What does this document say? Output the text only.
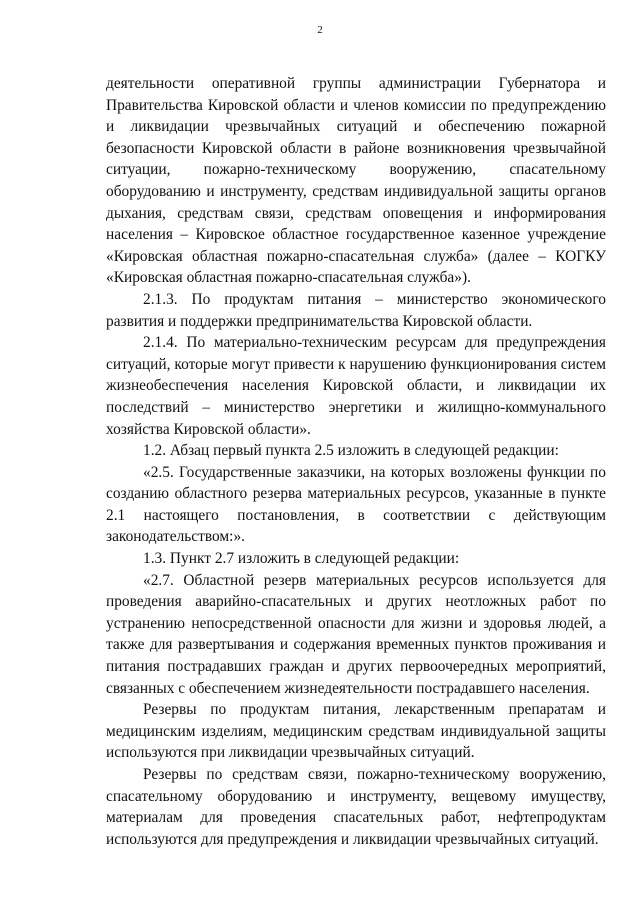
2

деятельности оперативной группы администрации Губернатора и Правительства Кировской области и членов комиссии по предупреждению и ликвидации чрезвычайных ситуаций и обеспечению пожарной безопасности Кировской области в районе возникновения чрезвычайной ситуации, пожарно-техническому вооружению, спасательному оборудованию и инструменту, средствам индивидуальной защиты органов дыхания, средствам связи, средствам оповещения и информирования населения – Кировское областное государственное казенное учреждение «Кировская областная пожарно-спасательная служба» (далее – КОГКУ «Кировская областная пожарно-спасательная служба»).

2.1.3. По продуктам питания – министерство экономического развития и поддержки предпринимательства Кировской области.

2.1.4. По материально-техническим ресурсам для предупреждения ситуаций, которые могут привести к нарушению функционирования систем жизнеобеспечения населения Кировской области, и ликвидации их последствий – министерство энергетики и жилищно-коммунального хозяйства Кировской области».

1.2. Абзац первый пункта 2.5 изложить в следующей редакции:

«2.5. Государственные заказчики, на которых возложены функции по созданию областного резерва материальных ресурсов, указанные в пункте 2.1 настоящего постановления, в соответствии с действующим законодательством:».

1.3. Пункт 2.7 изложить в следующей редакции:

«2.7. Областной резерв материальных ресурсов используется для проведения аварийно-спасательных и других неотложных работ по устранению непосредственной опасности для жизни и здоровья людей, а также для развертывания и содержания временных пунктов проживания и питания пострадавших граждан и других первоочередных мероприятий, связанных с обеспечением жизнедеятельности пострадавшего населения.

Резервы по продуктам питания, лекарственным препаратам и медицинским изделиям, медицинским средствам индивидуальной защиты используются при ликвидации чрезвычайных ситуаций.

Резервы по средствам связи, пожарно-техническому вооружению, спасательному оборудованию и инструменту, вещевому имуществу, материалам для проведения спасательных работ, нефтепродуктам используются для предупреждения и ликвидации чрезвычайных ситуаций.
